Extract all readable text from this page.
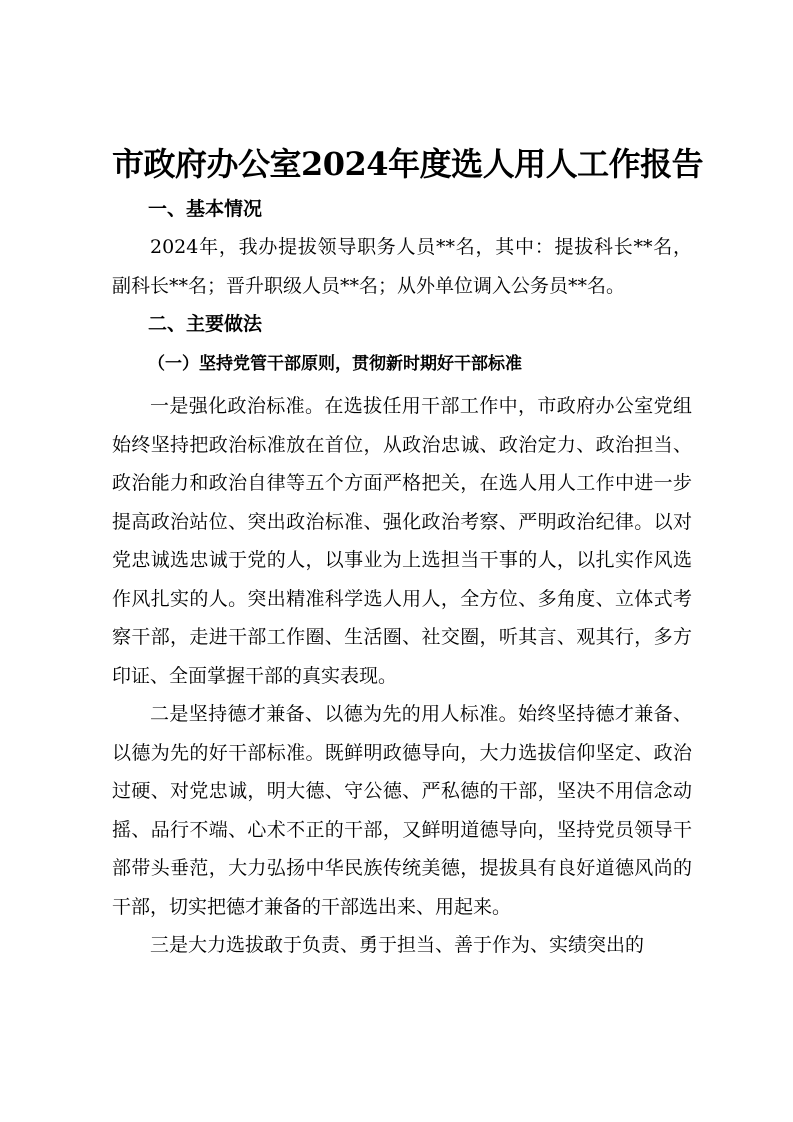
市政府办公室2024年度选人用人工作报告
一、基本情况

2024年，我办提拔领导职务人员**名，其中：提拔科长**名，副科长**名；晋升职级人员**名；从外单位调入公务员**名。

二、主要做法
（一）坚持党管干部原则，贯彻新时期好干部标准

一是强化政治标准。在选拔任用干部工作中，市政府办公室党组始终坚持把政治标准放在首位，从政治忠诚、政治定力、政治担当、政治能力和政治自律等五个方面严格把关，在选人用人工作中进一步提高政治站位、突出政治标准、强化政治考察、严明政治纪律。以对党忠诚选忠诚于党的人，以事业为上选担当干事的人，以扎实作风选作风扎实的人。突出精准科学选人用人，全方位、多角度、立体式考察干部，走进干部工作圈、生活圈、社交圈，听其言、观其行，多方印证、全面掌握干部的真实表现。

二是坚持德才兼备、以德为先的用人标准。始终坚持德才兼备、以德为先的好干部标准。既鲜明政德导向，大力选拔信仰坚定、政治过硬、对党忠诚，明大德、守公德、严私德的干部，坚决不用信念动摇、品行不端、心术不正的干部，又鲜明道德导向，坚持党员领导干部带头垂范，大力弘扬中华民族传统美德，提拔具有良好道德风尚的干部，切实把德才兼备的干部选出来、用起来。

三是大力选拔敢于负责、勇于担当、善于作为、实绩突出的
